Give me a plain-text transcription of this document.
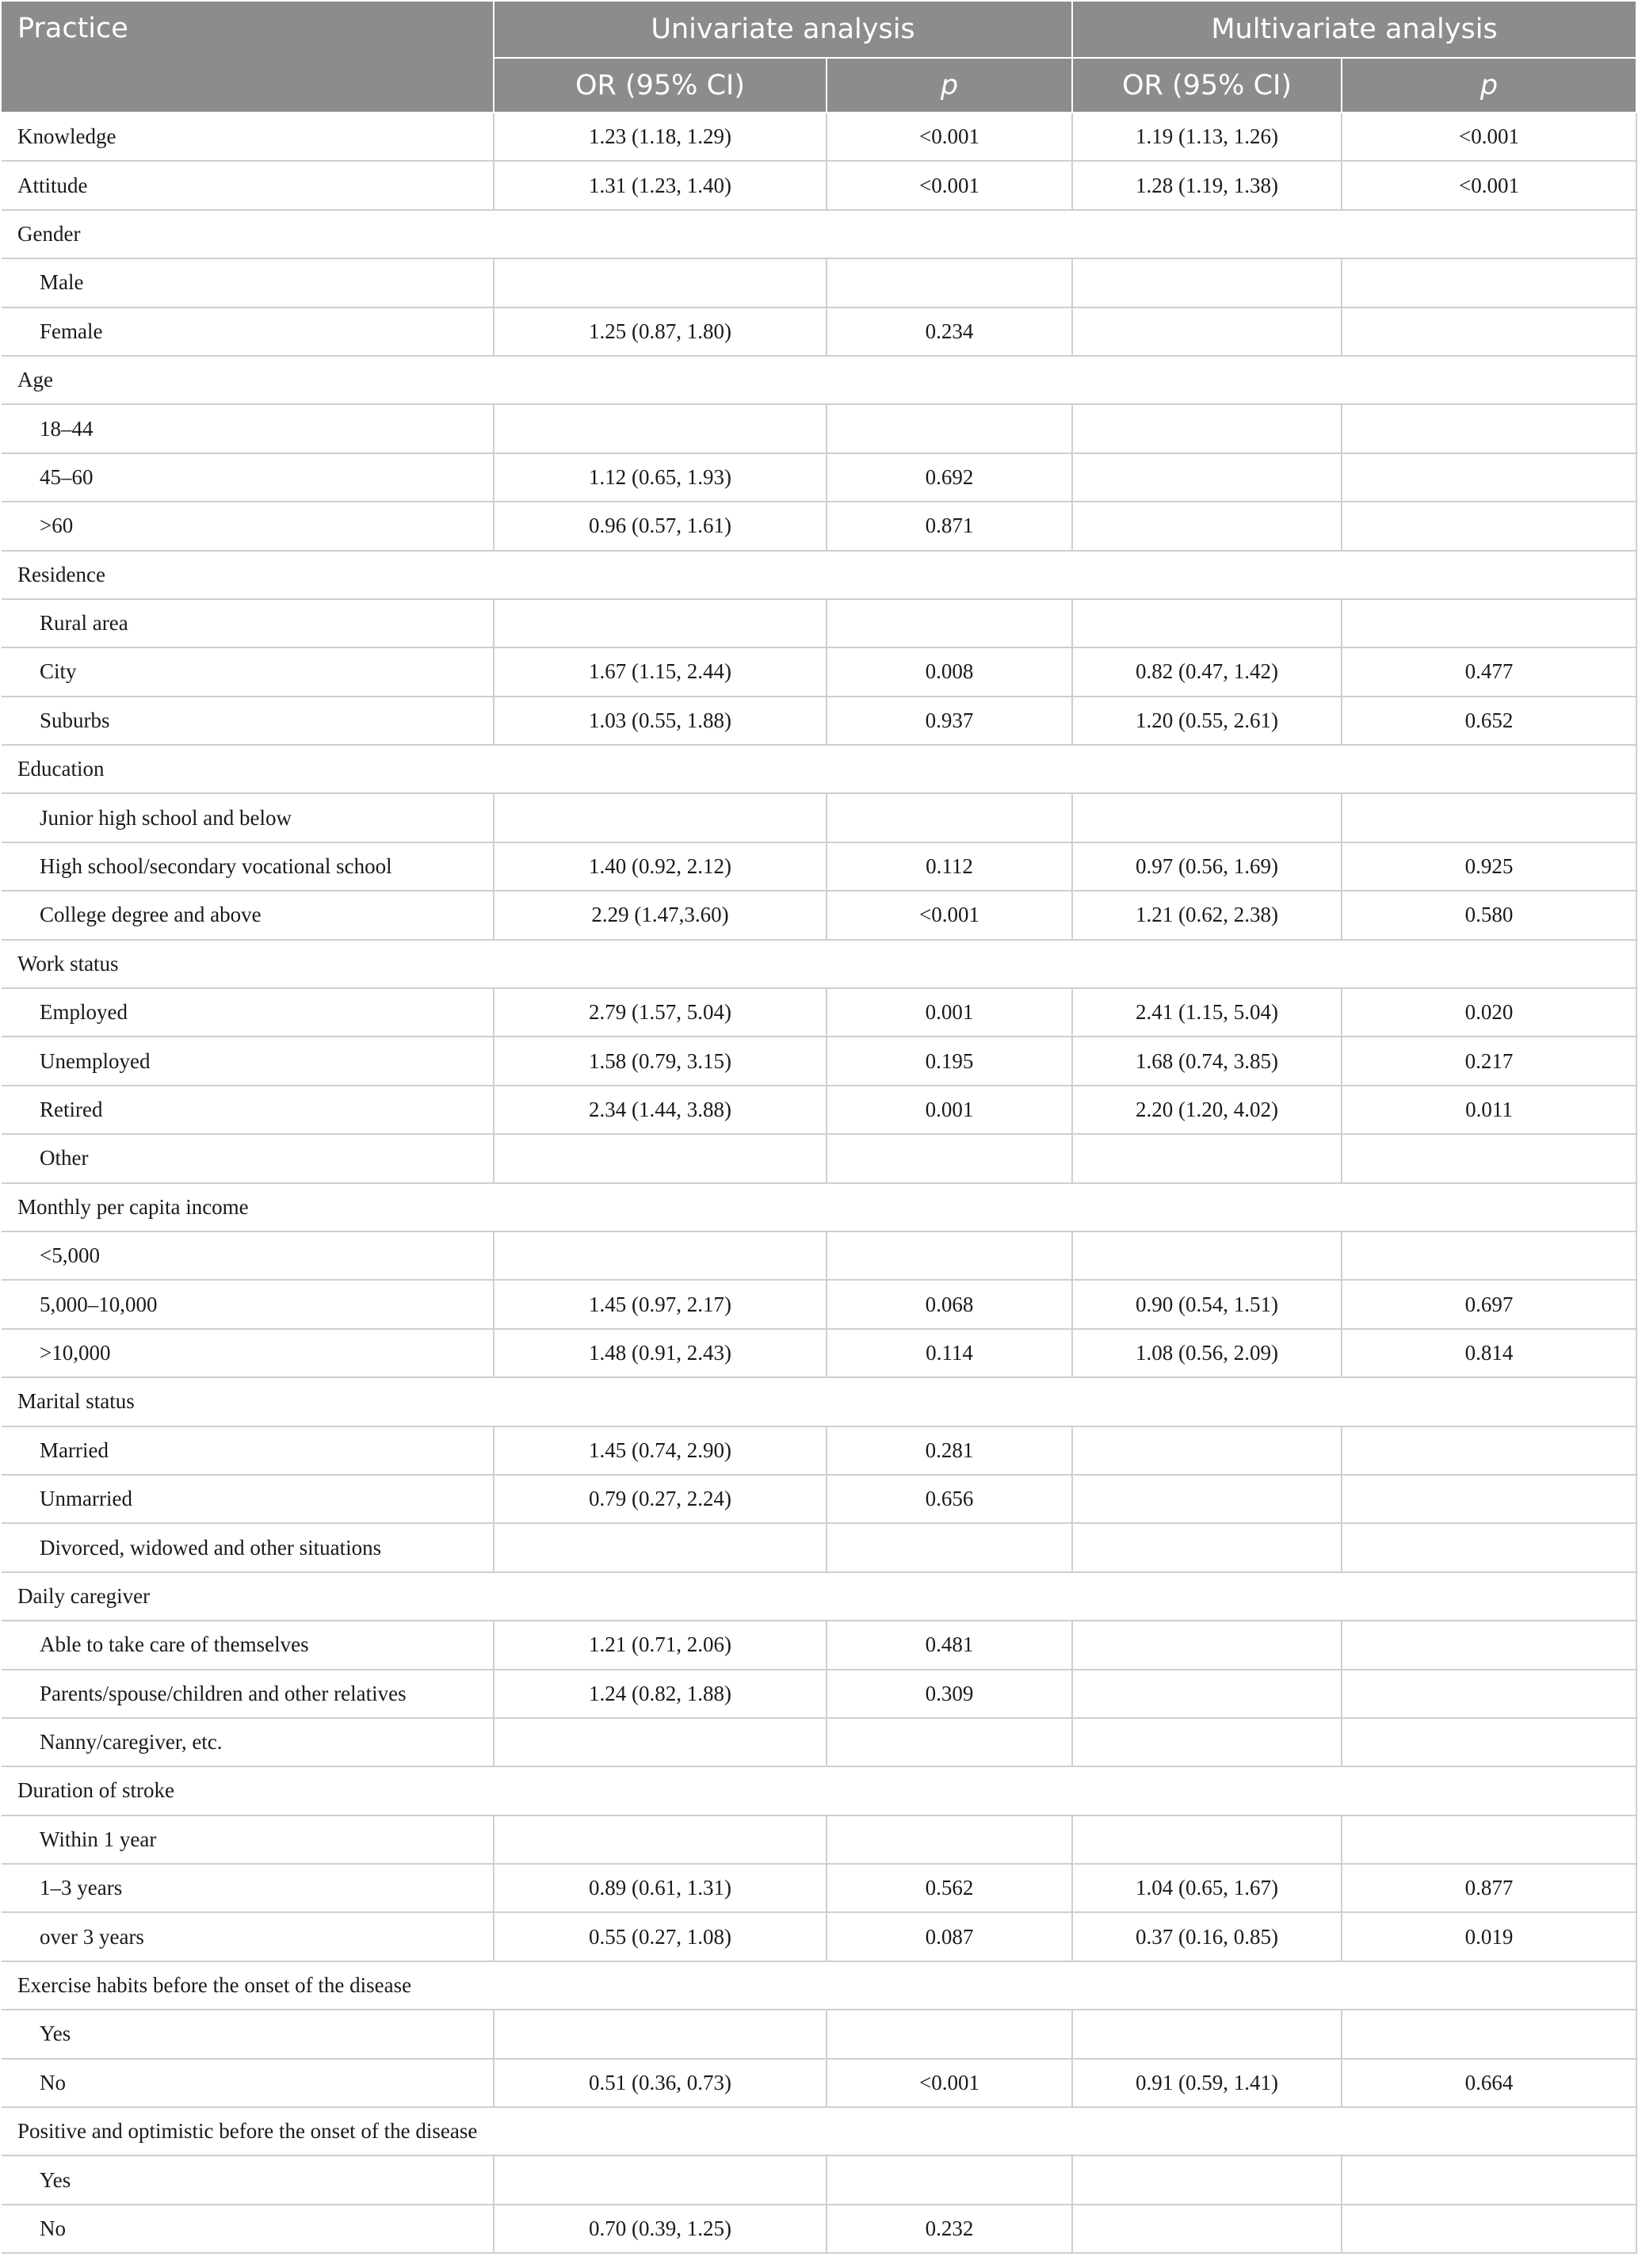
Practice	Univariate analysis		Multivariate analysis	
	OR (95% CI)	p	OR (95% CI)	p
Knowledge	1.23 (1.18, 1.29)	<0.001	1.19 (1.13, 1.26)	<0.001
Attitude	1.31 (1.23, 1.40)	<0.001	1.28 (1.19, 1.38)	<0.001
Gender				
Male				
Female	1.25 (0.87, 1.80)	0.234		
Age				
18–44				
45–60	1.12 (0.65, 1.93)	0.692		
>60	0.96 (0.57, 1.61)	0.871		
Residence				
Rural area				
City	1.67 (1.15, 2.44)	0.008	0.82 (0.47, 1.42)	0.477
Suburbs	1.03 (0.55, 1.88)	0.937	1.20 (0.55, 2.61)	0.652
Education				
Junior high school and below				
High school/secondary vocational school	1.40 (0.92, 2.12)	0.112	0.97 (0.56, 1.69)	0.925
College degree and above	2.29 (1.47,3.60)	<0.001	1.21 (0.62, 2.38)	0.580
Work status				
Employed	2.79 (1.57, 5.04)	0.001	2.41 (1.15, 5.04)	0.020
Unemployed	1.58 (0.79, 3.15)	0.195	1.68 (0.74, 3.85)	0.217
Retired	2.34 (1.44, 3.88)	0.001	2.20 (1.20, 4.02)	0.011
Other				
Monthly per capita income				
<5,000				
5,000–10,000	1.45 (0.97, 2.17)	0.068	0.90 (0.54, 1.51)	0.697
>10,000	1.48 (0.91, 2.43)	0.114	1.08 (0.56, 2.09)	0.814
Marital status				
Married	1.45 (0.74, 2.90)	0.281		
Unmarried	0.79 (0.27, 2.24)	0.656		
Divorced, widowed and other situations				
Daily caregiver				
Able to take care of themselves	1.21 (0.71, 2.06)	0.481		
Parents/spouse/children and other relatives	1.24 (0.82, 1.88)	0.309		
Nanny/caregiver, etc.				
Duration of stroke				
Within 1 year				
1–3 years	0.89 (0.61, 1.31)	0.562	1.04 (0.65, 1.67)	0.877
over 3 years	0.55 (0.27, 1.08)	0.087	0.37 (0.16, 0.85)	0.019
Exercise habits before the onset of the disease				
Yes				
No	0.51 (0.36, 0.73)	<0.001	0.91 (0.59, 1.41)	0.664
Positive and optimistic before the onset of the disease				
Yes				
No	0.70 (0.39, 1.25)	0.232		
